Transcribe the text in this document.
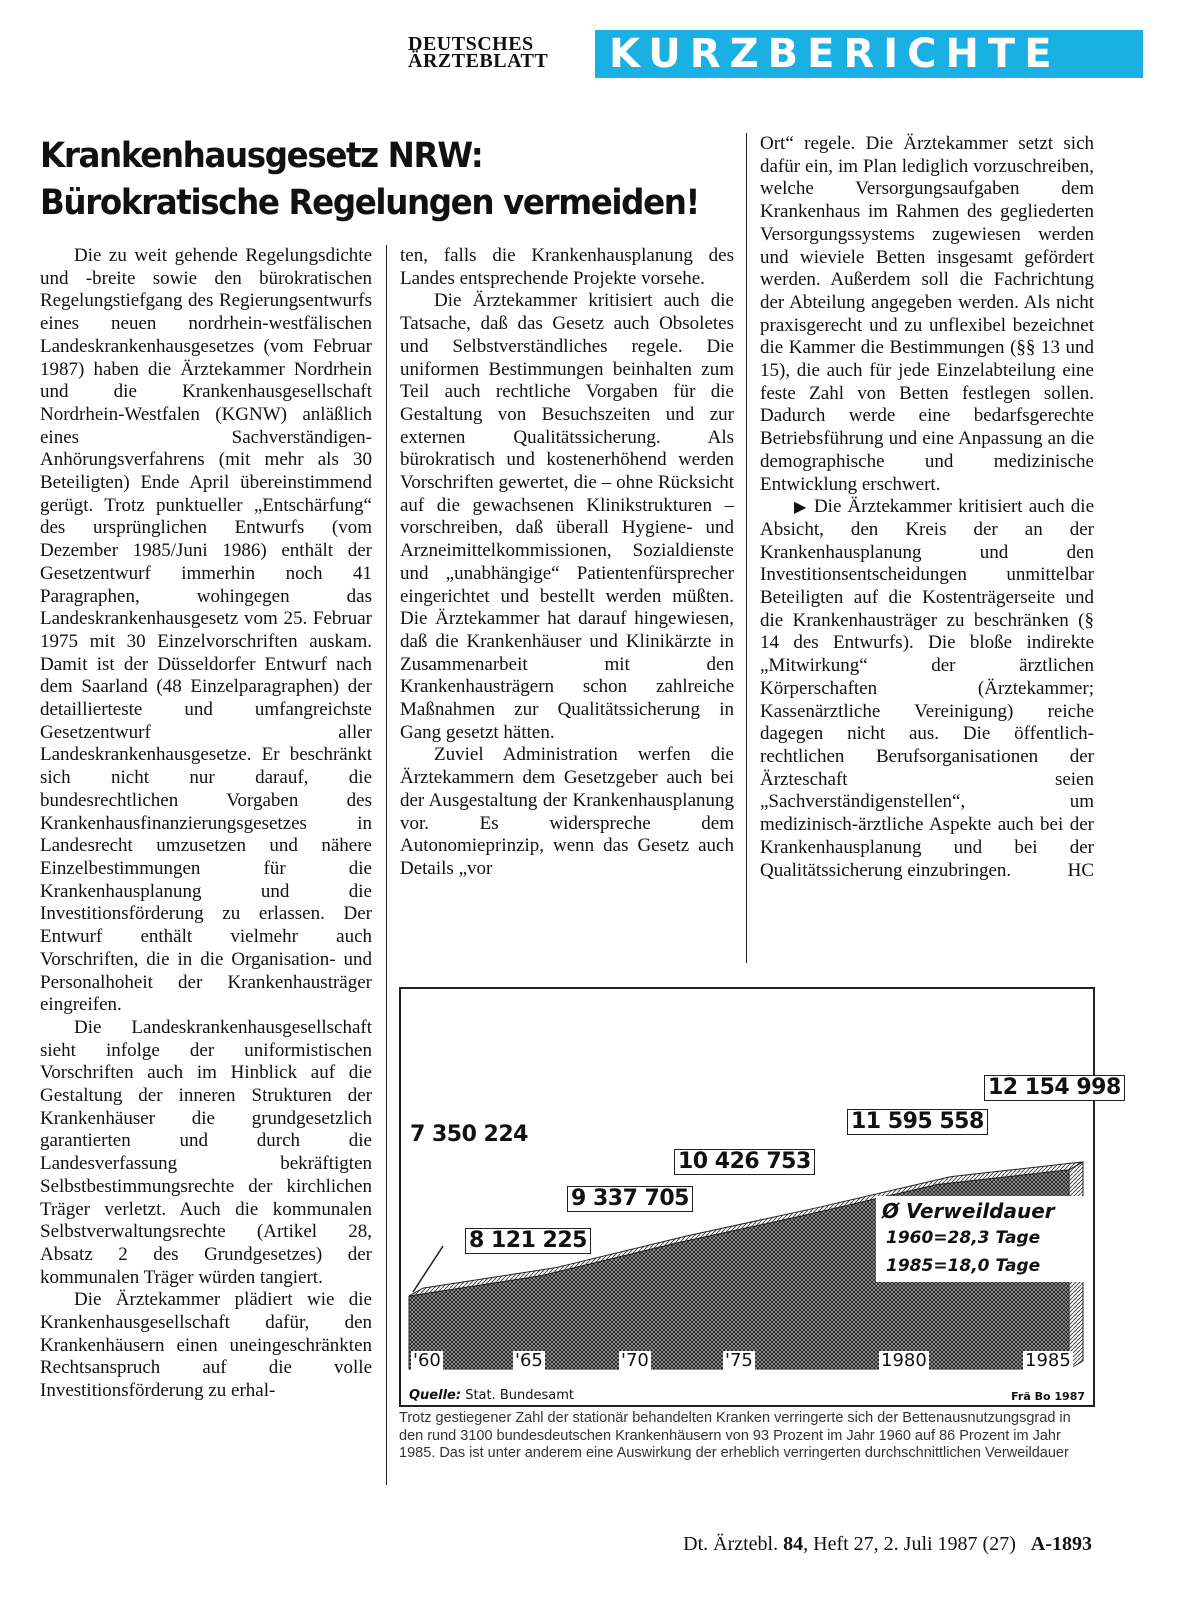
DEUTSCHES
ÄRZTEBLATT	KURZBERICHTE
Krankenhausgesetz NRW:
Bürokratische Regelungen vermeiden!

Die zu weit gehende Regelungsdichte und -breite sowie den bürokratischen Regelungstiefgang des Regierungsentwurfs eines neuen nordrhein-westfälischen Landeskrankenhausgesetzes (vom Februar 1987) haben die Ärztekammer Nordrhein und die Krankenhausgesellschaft Nordrhein-Westfalen (KGNW) anläßlich eines Sachverständigen-Anhörungsverfahrens (mit mehr als 30 Beteiligten) Ende April übereinstimmend gerügt. Trotz punktueller „Entschärfung“ des ursprünglichen Entwurfs (vom Dezember 1985/Juni 1986) enthält der Gesetzentwurf immerhin noch 41 Paragraphen, wohingegen das Landeskrankenhausgesetz vom 25. Februar 1975 mit 30 Einzelvorschriften auskam. Damit ist der Düsseldorfer Entwurf nach dem Saarland (48 Einzelparagraphen) der detaillierteste und umfangreichste Gesetzentwurf aller Landeskrankenhausgesetze. Er beschränkt sich nicht nur darauf, die bundesrechtlichen Vorgaben des Krankenhausfinanzierungsgesetzes in Landesrecht umzusetzen und nähere Einzelbestimmungen für die Krankenhausplanung und die Investitionsförderung zu erlassen. Der Entwurf enthält vielmehr auch Vorschriften, die in die Organisation- und Personalhoheit der Krankenhausträger eingreifen.

Die Landeskrankenhausgesellschaft sieht infolge der uniformistischen Vorschriften auch im Hinblick auf die Gestaltung der inneren Strukturen der Krankenhäuser die grundgesetzlich garantierten und durch die Landesverfassung bekräftigten Selbstbestimmungsrechte der kirchlichen Träger verletzt. Auch die kommunalen Selbstverwaltungsrechte (Artikel 28, Absatz 2 des Grundgesetzes) der kommunalen Träger würden tangiert.

Die Ärztekammer plädiert wie die Krankenhausgesellschaft dafür, den Krankenhäusern einen uneingeschränkten Rechtsanspruch auf die volle Investitionsförderung zu erhal-

ten, falls die Krankenhausplanung des Landes entsprechende Projekte vorsehe.

Die Ärztekammer kritisiert auch die Tatsache, daß das Gesetz auch Obsoletes und Selbstverständliches regele. Die uniformen Bestimmungen beinhalten zum Teil auch rechtliche Vorgaben für die Gestaltung von Besuchszeiten und zur externen Qualitätssicherung. Als bürokratisch und kostenerhöhend werden Vorschriften gewertet, die – ohne Rücksicht auf die gewachsenen Klinikstrukturen – vorschreiben, daß überall Hygiene- und Arzneimittelkommissionen, Sozialdienste und „unabhängige“ Patientenfürsprecher eingerichtet und bestellt werden müßten. Die Ärztekammer hat darauf hingewiesen, daß die Krankenhäuser und Klinikärzte in Zusammenarbeit mit den Krankenhausträgern schon zahlreiche Maßnahmen zur Qualitätssicherung in Gang gesetzt hätten.

Zuviel Administration werfen die Ärztekammern dem Gesetzgeber auch bei der Ausgestaltung der Krankenhausplanung vor. Es widerspreche dem Autonomieprinzip, wenn das Gesetz auch Details „vor

Ort“ regele. Die Ärztekammer setzt sich dafür ein, im Plan lediglich vorzuschreiben, welche Versorgungsaufgaben dem Krankenhaus im Rahmen des gegliederten Versorgungssystems zugewiesen werden und wieviele Betten insgesamt gefördert werden. Außerdem soll die Fachrichtung der Abteilung angegeben werden. Als nicht praxisgerecht und zu unflexibel bezeichnet die Kammer die Bestimmungen (§§ 13 und 15), die auch für jede Einzelabteilung eine feste Zahl von Betten festlegen sollen. Dadurch werde eine bedarfsgerechte Betriebsführung und eine Anpassung an die demographische und medizinische Entwicklung erschwert.

▶ Die Ärztekammer kritisiert auch die Absicht, den Kreis der an der Krankenhausplanung und den Investitionsentscheidungen unmittelbar Beteiligten auf die Kostenträgerseite und die Krankenhausträger zu beschränken (§ 14 des Entwurfs). Die bloße indirekte „Mitwirkung“ der ärztlichen Körperschaften (Ärztekammer; Kassenärztliche Vereinigung) reiche dagegen nicht aus. Die öffentlich-rechtlichen Berufsorganisationen der Ärzteschaft seien „Sachverständigenstellen“, um medizinisch-ärztliche Aspekte auch bei der Krankenhausplanung und bei der Qualitätssicherung einzubringen.	HC

7 350 224
8 121 225
9 337 705
10 426 753
11 595 558
12 154 998
'60	'65	'70	'75	1980	1985
Ø Verweildauer
1960=28,3 Tage
1985=18,0 Tage
Quelle: Stat. Bundesamt	Frä Bo 1987
Trotz gestiegener Zahl der stationär behandelten Kranken verringerte sich der Bettenausnutzungsgrad in den rund 3100 bundesdeutschen Krankenhäusern von 93 Prozent im Jahr 1960 auf 86 Prozent im Jahr 1985. Das ist unter anderem eine Auswirkung der erheblich verringerten durchschnittlichen Verweildauer
Dt. Ärztebl. 84, Heft 27, 2. Juli 1987 (27) A-1893
